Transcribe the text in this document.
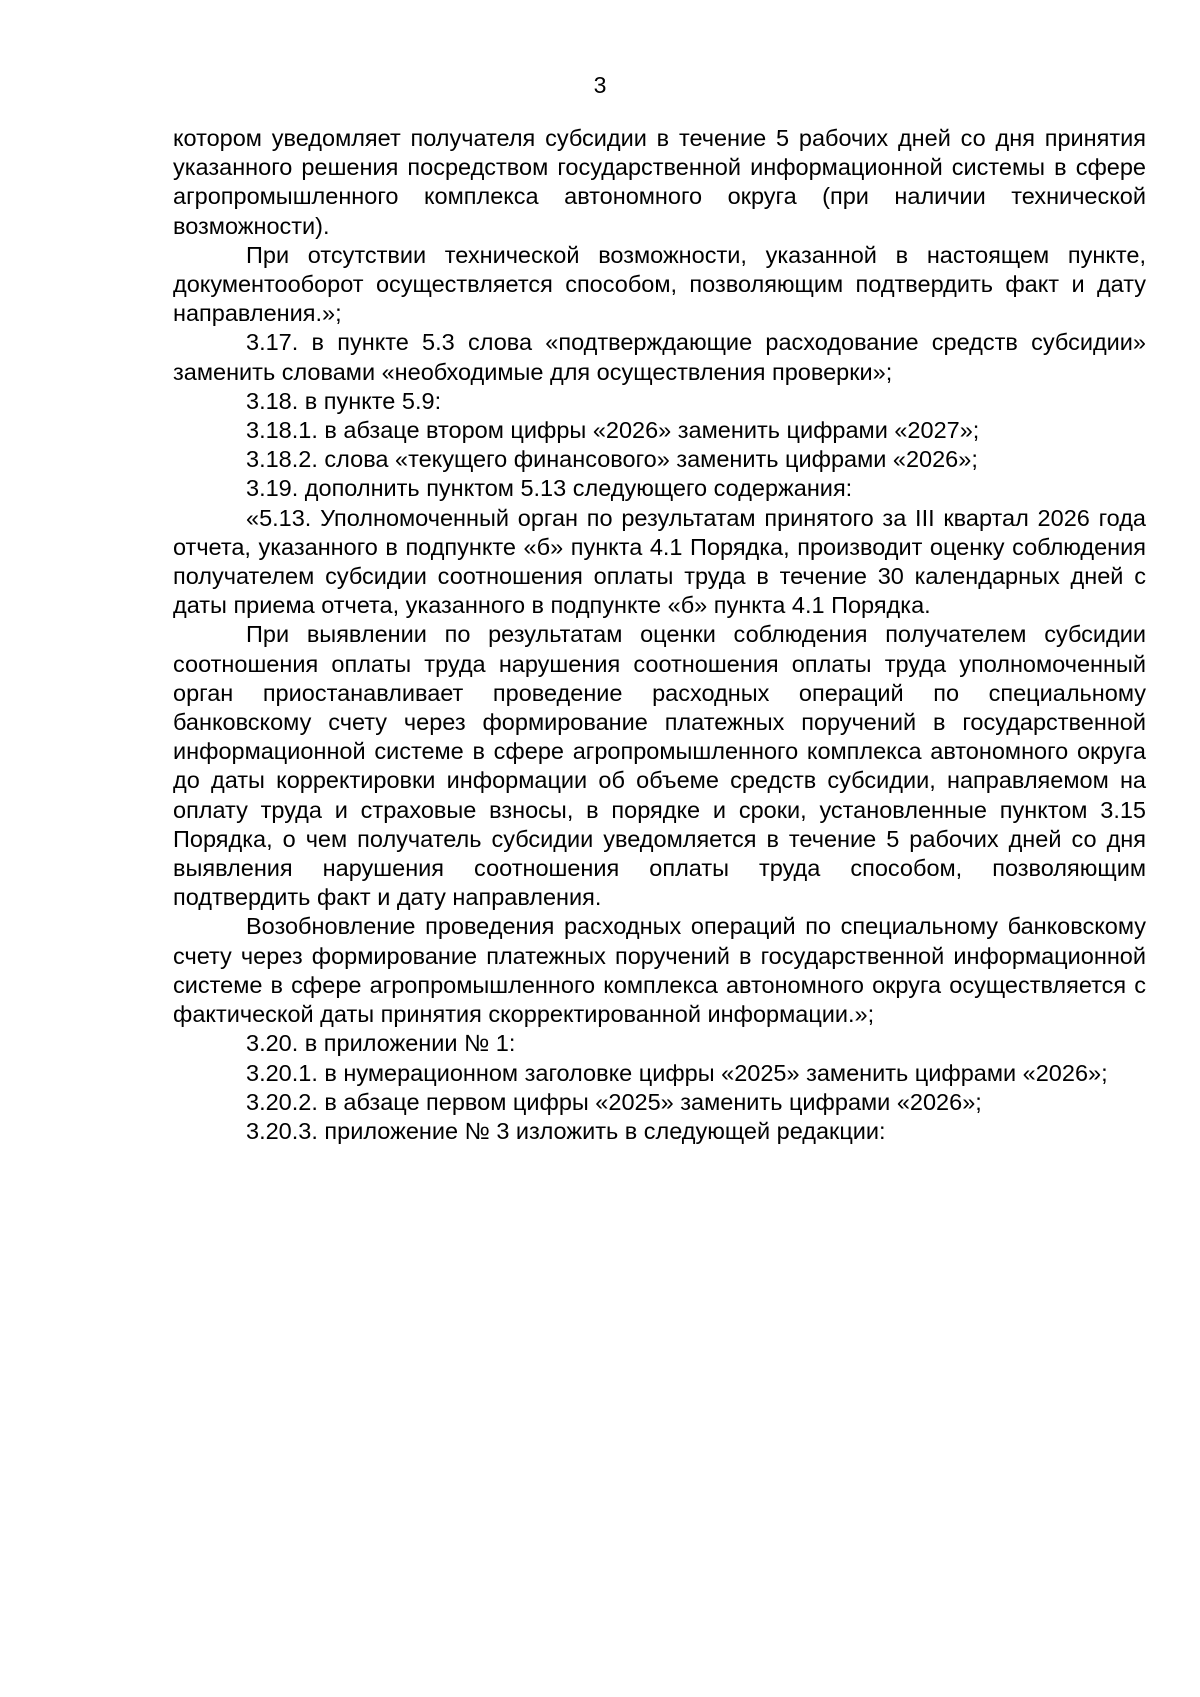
3

котором уведомляет получателя субсидии в течение 5 рабочих дней со дня принятия указанного решения посредством государственной информационной системы в сфере агропромышленного комплекса автономного округа (при наличии технической возможности).

При отсутствии технической возможности, указанной в настоящем пункте, документооборот осуществляется способом, позволяющим подтвердить факт и дату направления.»;

3.17. в пункте 5.3 слова «подтверждающие расходование средств субсидии» заменить словами «необходимые для осуществления проверки»;

3.18. в пункте 5.9:

3.18.1. в абзаце втором цифры «2026» заменить цифрами «2027»;

3.18.2. слова «текущего финансового» заменить цифрами «2026»;

3.19. дополнить пунктом 5.13 следующего содержания:

«5.13. Уполномоченный орган по результатам принятого за III квартал 2026 года отчета, указанного в подпункте «б» пункта 4.1 Порядка, производит оценку соблюдения получателем субсидии соотношения оплаты труда в течение 30 календарных дней с даты приема отчета, указанного в подпункте «б» пункта 4.1 Порядка.

При выявлении по результатам оценки соблюдения получателем субсидии соотношения оплаты труда нарушения соотношения оплаты труда уполномоченный орган приостанавливает проведение расходных операций по специальному банковскому счету через формирование платежных поручений в государственной информационной системе в сфере агропромышленного комплекса автономного округа до даты корректировки информации об объеме средств субсидии, направляемом на оплату труда и страховые взносы, в порядке и сроки, установленные пунктом 3.15 Порядка, о чем получатель субсидии уведомляется в течение 5 рабочих дней со дня выявления нарушения соотношения оплаты труда способом, позволяющим подтвердить факт и дату направления.

Возобновление проведения расходных операций по специальному банковскому счету через формирование платежных поручений в государственной информационной системе в сфере агропромышленного комплекса автономного округа осуществляется с фактической даты принятия скорректированной информации.»;

3.20. в приложении № 1:

3.20.1. в нумерационном заголовке цифры «2025» заменить цифрами «2026»;

3.20.2. в абзаце первом цифры «2025» заменить цифрами «2026»;

3.20.3. приложение № 3 изложить в следующей редакции:
